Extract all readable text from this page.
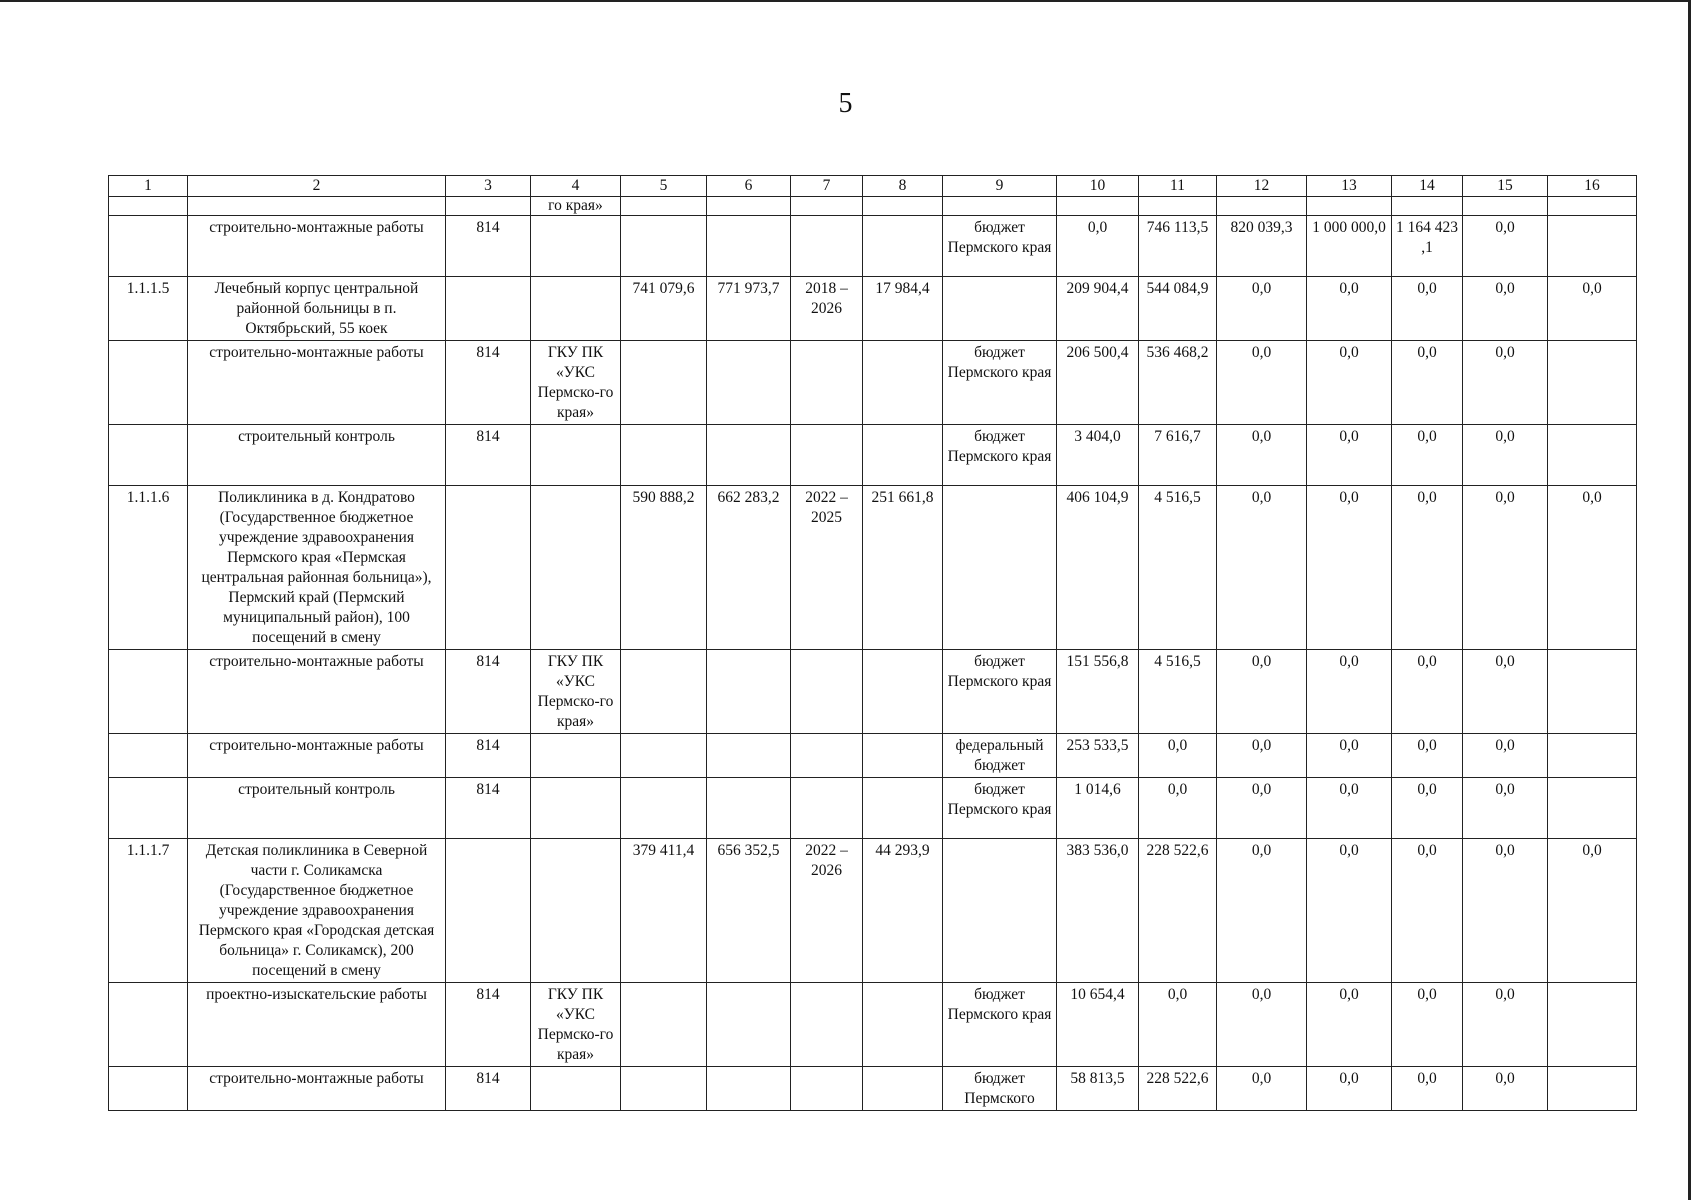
5
1	2	3	4	5	6	7	8	9	10	11	12	13	14	15	16
			го края»												
	строительно-монтажные работы	814						бюджет Пермского края	0,0	746 113,5	820 039,3	1 000 000,0	1 164 423 ,1	0,0	
1.1.1.5	Лечебный корпус центральной районной больницы в п. Октябрьский, 55 коек			741 079,6	771 973,7	2018 – 2026	17 984,4		209 904,4	544 084,9	0,0	0,0	0,0	0,0	0,0
	строительно-монтажные работы	814	ГКУ ПК «УКС Пермско-го края»					бюджет Пермского края	206 500,4	536 468,2	0,0	0,0	0,0	0,0	
	строительный контроль	814						бюджет Пермского края	3 404,0	7 616,7	0,0	0,0	0,0	0,0	
1.1.1.6	Поликлиника в д. Кондратово (Государственное бюджетное учреждение здравоохранения Пермского края «Пермская центральная районная больница»), Пермский край (Пермский муниципальный район), 100 посещений в смену			590 888,2	662 283,2	2022 – 2025	251 661,8		406 104,9	4 516,5	0,0	0,0	0,0	0,0	0,0
	строительно-монтажные работы	814	ГКУ ПК «УКС Пермско-го края»					бюджет Пермского края	151 556,8	4 516,5	0,0	0,0	0,0	0,0	
	строительно-монтажные работы	814						федеральный бюджет	253 533,5	0,0	0,0	0,0	0,0	0,0	
	строительный контроль	814						бюджет Пермского края	1 014,6	0,0	0,0	0,0	0,0	0,0	
1.1.1.7	Детская поликлиника в Северной части г. Соликамска (Государственное бюджетное учреждение здравоохранения Пермского края «Городская детская больница» г. Соликамск), 200 посещений в смену			379 411,4	656 352,5	2022 – 2026	44 293,9		383 536,0	228 522,6	0,0	0,0	0,0	0,0	0,0
	проектно-изыскательские работы	814	ГКУ ПК «УКС Пермско-го края»					бюджет Пермского края	10 654,4	0,0	0,0	0,0	0,0	0,0	
	строительно-монтажные работы	814						бюджет Пермского	58 813,5	228 522,6	0,0	0,0	0,0	0,0	
